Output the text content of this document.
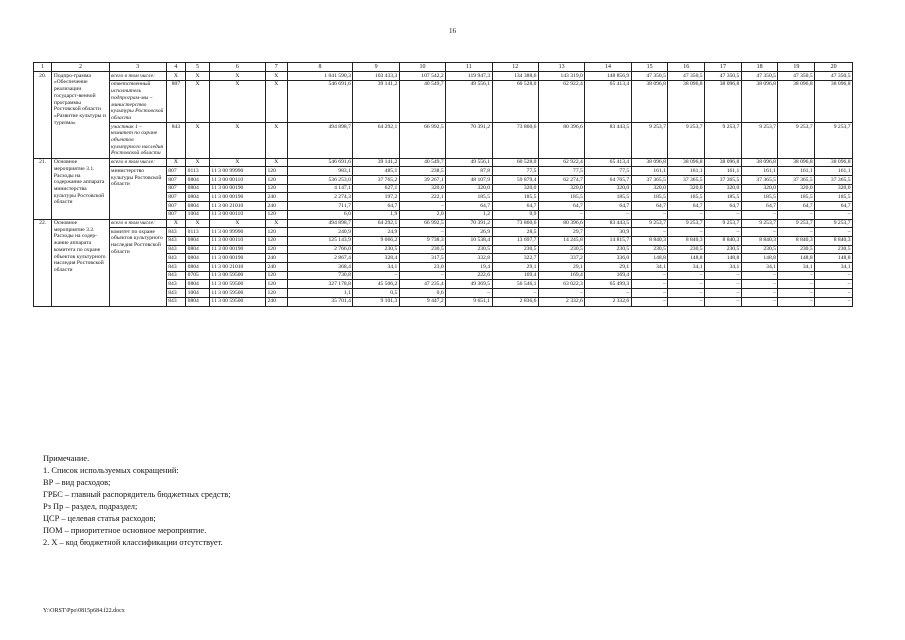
16
1	2	3	4	5	6	7	8	9	10	11	12	13	14	15	16	17	18	19	20
20.	Подпро-грамма «Обеспечение реализации государст-венной программы Ростовской области «Развитие культуры и туризма»	всего в том числе:	X	X	X	X	1 041 590,3	103 433,3	107 542,2	119 947,3	134 388,6	143 319,0	148 856,9	47 350,5	47 350,5	47 350,5	47 350,5	47 350,5	47 350,5
		ответственный исполнитель подпрограм-мы – министерство культуры Ростовской области	807	X	X	X	546 691,6	39 141,2	40 549,7	49 556,1	60 528,0	62 922,4	65 413,4	38 096,8	38 096,8	38 096,8	38 096,8	38 096,8	38 096,8
		участник 1 – комитет по охране объектов культурного наследия Ростовской области	843	X	X	X	494 898,7	64 292,1	66 992,5	70 391,2	73 860,6	80 396,6	83 443,5	9 253,7	9 253,7	9 253,7	9 253,7	9 253,7	9 253,7
21.	Основное мероприятие 3.1. Расходы на содержание аппарата министерства культуры Ростовской области	всего в том числе:	X	X	X	X	546 691,6	39 141,2	40 549,7	49 556,1	60 528,0	62 922,4	65 413,4	38 096,8	38 096,8	38 096,8	38 096,8	38 096,8	38 096,8
		министерство культуры Ростовской области	807	0113	11 3 00 99990	120	983,1	485,1	238,5	87,8	77,5	77,5	77,5	161,1	161,1	161,1	161,1	161,1	161,1
			807	0804	11 3 00 00110	120	536 253,0	37 765,2	39 267,1	48 107,9	59 879,4	62 274,7	64 765,7	37 365,5	37 365,5	37 365,5	37 365,5	37 365,5	37 365,5
			807	0804	11 3 00 00190	120	4 147,1	627,1	320,0	320,0	320,0	320,0	320,0	320,0	320,0	320,0	320,0	320,0	320,0
			807	0804	11 3 00 00190	240	2 274,3	197,2	222,1	185,5	185,5	185,5	185,5	185,5	185,5	185,5	185,5	185,5	185,5
			807	0804	11 3 00 21010	240	711,7	64,7	–	64,7	64,7	64,7	64,7	64,7	64,7	64,7	64,7	64,7	64,7
			807	1004	11 3 00 00110	120	6,0	1,9	2,0	1,2	0,9	–	–	–	–	–	–	–	–
22.	Основное мероприятие 3.2. Расходы на содер-жание аппарата комитета по охране объектов культурного наследия Ростовской области	всего в том числе:	X	X	X	X	494 898,7	64 292,1	66 992,5	70 391,2	73 860,6	80 396,6	83 443,5	9 253,7	9 253,7	9 253,7	9 253,7	9 253,7	9 253,7
		комитет по охране объектов культурного наследия Ростовской области	843	0113	11 3 00 99990	120	240,9	24,9	–	26,9	28,5	29,7	30,9	–	–	–	–	–	–
			843	0804	11 3 00 00110	120	125 143,9	9 066,2	9 738,3	10 538,4	13 697,7	14 245,8	14 815,7	8 840,3	8 840,3	8 840,3	8 840,3	8 840,3	8 840,3
			843	0804	11 3 00 00190	120	2 766,0	230,5	230,5	230,5	230,5	230,5	230,5	230,5	230,5	230,5	230,5	230,5	230,5
			843	0804	11 3 00 00190	240	2 867,4	328,4	317,5	332,8	322,7	337,2	336,0	148,8	148,8	148,8	148,8	148,8	148,8
			843	0804	11 3 00 21010	240	368,4	34,1	23,0	19,4	29,1	29,1	29,1	34,1	34,1	34,1	34,1	34,1	34,1
			843	0705	11 3 00 59500	120	730,8	–	–	222,6	169,4	169,4	169,4	–	–	–	–	–	–
			843	0804	11 3 00 59500	120	327 178,8	45 506,2	47 235,4	49 369,5	56 546,1	63 022,3	65 499,3	–	–	–	–	–	–
			843	1004	11 3 00 59500	120	1,1	0,5	0,6	–	–	–	–	–	–	–	–	–	–
			843	0804	11 3 00 59500	240	35 701,4	9 101,3	9 447,2	9 651,1	2 836,6	2 332,6	2 332,6	–	–	–	–	–	–
Примечание.
1. Список используемых сокращений:
ВР – вид расходов;
ГРБС – главный распорядитель бюджетных средств;
Рз Пр – раздел, подраздел;
ЦСР – целевая статья расходов;
ПОМ – приоритетное основное мероприятие.
2. X – код бюджетной классификации отсутствует.
Y:\ORST\Ppo\0815p684.f22.docx
